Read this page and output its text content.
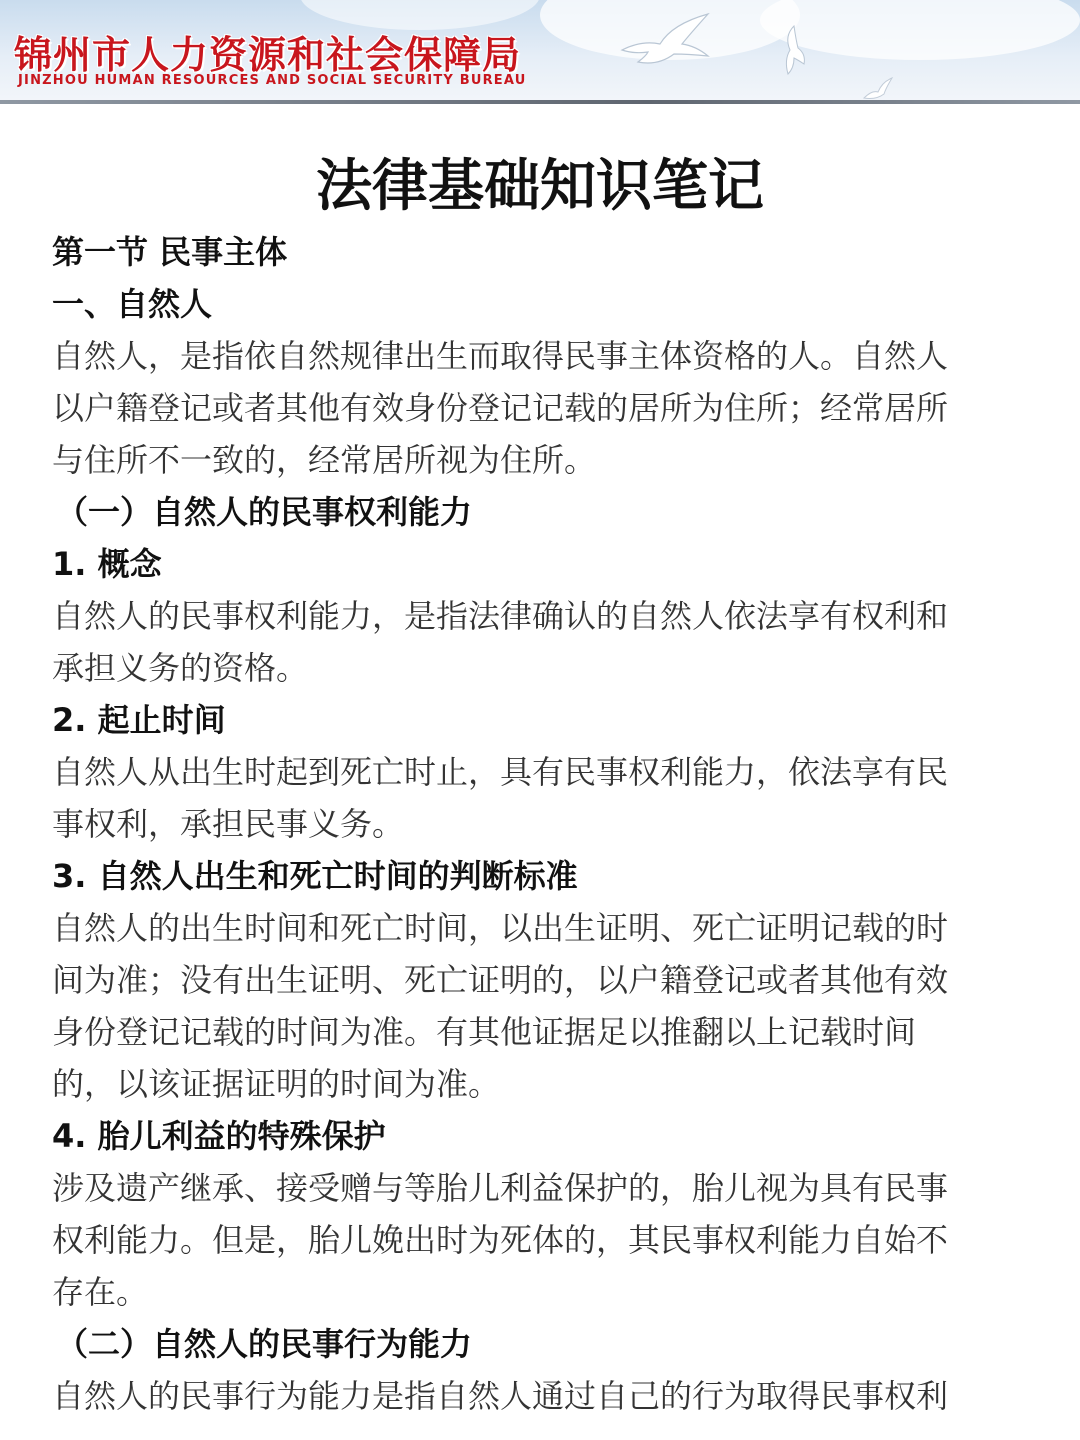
锦州市人力资源和社会保障局
JINZHOU HUMAN RESOURCES AND SOCIAL SECURITY BUREAU
法律基础知识笔记
第一节 民事主体
一、自然人
自然人，是指依自然规律出生而取得民事主体资格的人。自然人
以户籍登记或者其他有效身份登记记载的居所为住所；经常居所
与住所不一致的，经常居所视为住所。
（一）自然人的民事权利能力
1. 概念
自然人的民事权利能力，是指法律确认的自然人依法享有权利和
承担义务的资格。
2. 起止时间
自然人从出生时起到死亡时止，具有民事权利能力，依法享有民
事权利，承担民事义务。
3. 自然人出生和死亡时间的判断标准
自然人的出生时间和死亡时间，以出生证明、死亡证明记载的时
间为准；没有出生证明、死亡证明的，以户籍登记或者其他有效
身份登记记载的时间为准。有其他证据足以推翻以上记载时间
的，以该证据证明的时间为准。
4. 胎儿利益的特殊保护
涉及遗产继承、接受赠与等胎儿利益保护的，胎儿视为具有民事
权利能力。但是，胎儿娩出时为死体的，其民事权利能力自始不
存在。
（二）自然人的民事行为能力
自然人的民事行为能力是指自然人通过自己的行为取得民事权利
